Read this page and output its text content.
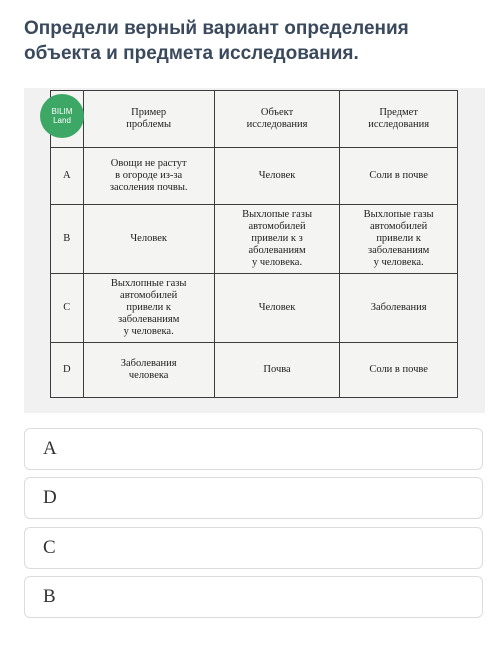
Определи верный вариант определения объекта и предмета исследования.
BILIM
Land
	Пример
проблемы	Объект
исследования	Предмет
исследования
A	Овощи не растут
в огороде из-за
засоления почвы.	Человек	Соли в почве
B	Человек	Выхлопые газы
автомобилей
привели к з
аболеваниям
у человека.	Выхлопые газы
автомобилей
привели к
заболеваниям
у человека.
C	Выхлопные газы
автомобилей
привели к
заболеваниям
у человека.	Человек	Заболевания
D	Заболевания
человека	Почва	Соли в почве
A
D
C
B
